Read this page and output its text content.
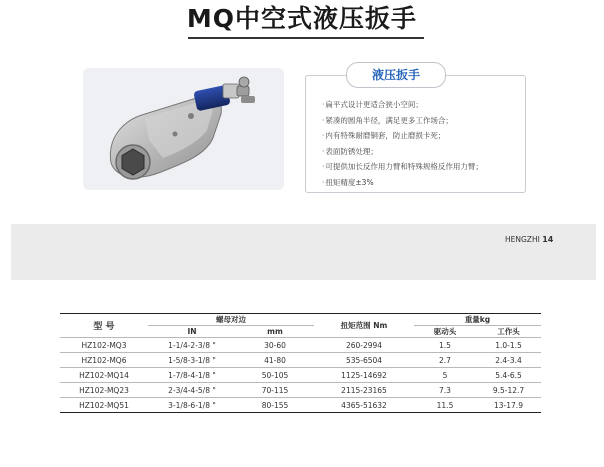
MQ中空式液压扳手
液压扳手
·扁平式设计更适合狭小空间；
·紧凑的圆角半径，满足更多工作场合；
·内有特殊耐磨铜套，防止磨损卡死；
·表面防锈处理；
·可提供加长反作用力臂和特殊规格反作用力臂；
·扭矩精度±3%
HENGZHI 14
型 号	螺母对边		扭矩范围 Nm	重量kg	
	IN	mm		驱动头	工作头
HZ102-MQ3	1-1/4-2-3/8 "	30-60	260-2994	1.5	1.0-1.5
HZ102-MQ6	1-5/8-3-1/8 "	41-80	535-6504	2.7	2.4-3.4
HZ102-MQ14	1-7/8-4-1/8 "	50-105	1125-14692	5	5.4-6.5
HZ102-MQ23	2-3/4-4-5/8 "	70-115	2115-23165	7.3	9.5-12.7
HZ102-MQ51	3-1/8-6-1/8 "	80-155	4365-51632	11.5	13-17.9
